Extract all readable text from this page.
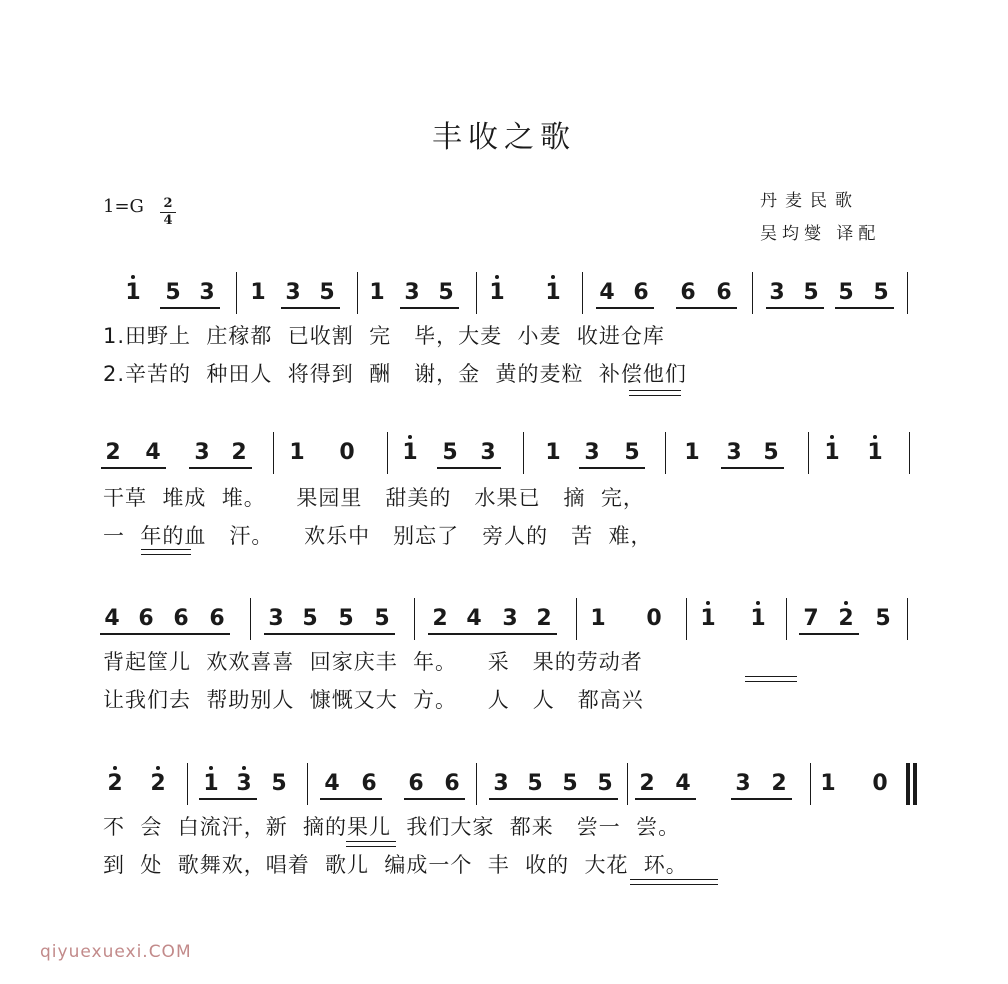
丰收之歌
1=G 2
4
丹麦民歌
吴均燮 译配
1 5 3 1 3 5 1 3 5 1 1 4 6 6 6 3 5 5 5
1.田野上  庄稼都  已收割  完   毕，大麦  小麦  收进仓库
2.辛苦的  种田人  将得到  酬   谢，金  黄的麦粒  补偿他们
2 4 3 2 1 0 1 5 3 1 3 5 1 3 5 1 1
干草  堆成  堆。    果园里   甜美的   水果已   摘  完，
一  年的血   汗。    欢乐中   别忘了   旁人的   苦  难，
4 6 6 6 3 5 5 5 2 4 3 2 1 0 1 1 7 2 5
背起筐儿  欢欢喜喜  回家庆丰  年。    采   果的劳动者
让我们去  帮助别人  慷慨又大  方。    人   人   都高兴
2 2 1 3 5 4 6 6 6 3 5 5 5 2 4 3 2 1 0
不  会  白流汗，新  摘的果儿  我们大家  都来   尝一  尝。
到  处  歌舞欢，唱着  歌儿  编成一个  丰  收的  大花  环。
qiyuexuexi.COM
